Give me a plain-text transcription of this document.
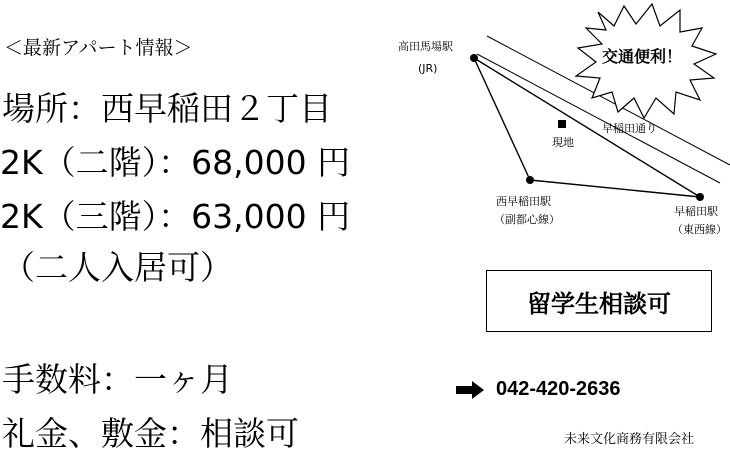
＜最新アパート情報＞
場所：西早稲田２丁目
2K（二階）：68,000 円
2K（三階）：63,000 円
（二人入居可）
手数料：一ヶ月
礼金、敷金：相談可
交通便利！
高田馬場駅
(JR)
現地
早稲田通り
西早稲田駅
（副都心線）
早稲田駅
（東西線）
留学生相談可
042-420-2636
未来文化商務有限会社
